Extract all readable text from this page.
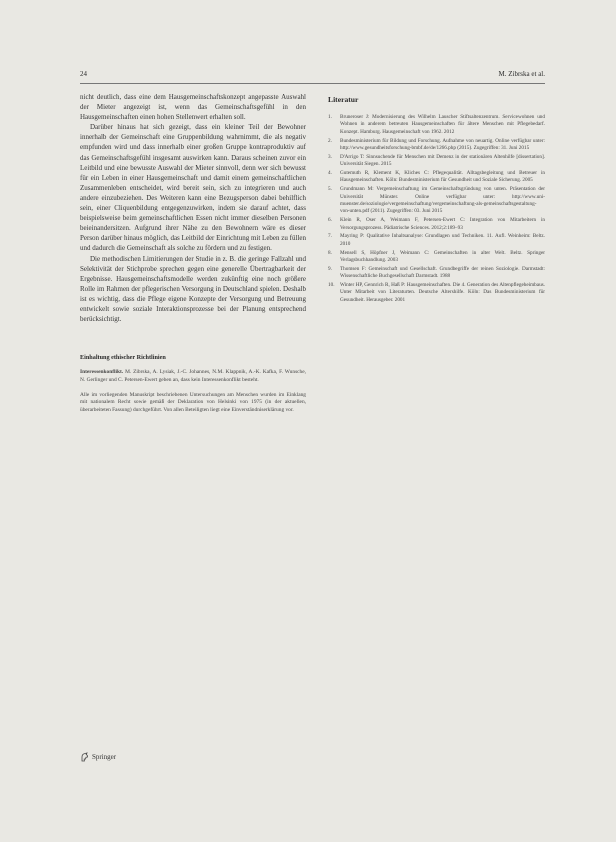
24	M. Zibrska et al.

nicht deutlich, dass eine dem Hausgemeinschaftskonzept angepasste Auswahl der Mieter angezeigt ist, wenn das Gemeinschaftsgefühl in den Hausgemeinschaften einen hohen Stellenwert erhalten soll.

Darüber hinaus hat sich gezeigt, dass ein kleiner Teil der Bewohner innerhalb der Gemeinschaft eine Gruppenbildung wahrnimmt, die als negativ empfunden wird und dass innerhalb einer großen Gruppe kontraproduktiv auf das Gemeinschaftsgefühl insgesamt auswirken kann. Daraus scheinen zuvor ein Leitbild und eine bewusste Auswahl der Mieter sinnvoll, denn wer sich bewusst für ein Leben in einer Hausgemeinschaft und damit einem gemeinschaftlichen Zusammenleben entscheidet, wird bereit sein, sich zu integrieren und auch andere einzubeziehen. Des Weiteren kann eine Bezugsperson dabei behilflich sein, einer Cliquenbildung entgegenzuwirken, indem sie darauf achtet, dass beispielsweise beim gemeinschaftlichen Essen nicht immer dieselben Personen beieinandersitzen. Aufgrund ihrer Nähe zu den Bewohnern wäre es dieser Person darüber hinaus möglich, das Leitbild der Einrichtung mit Leben zu füllen und dadurch die Gemeinschaft als solche zu fördern und zu festigen.

Die methodischen Limitierungen der Studie in z. B. die geringe Fallzahl und Selektivität der Stichprobe sprechen gegen eine generelle Übertragbarkeit der Ergebnisse. Hausgemeinschaftsmodelle werden zukünftig eine noch größere Rolle im Rahmen der pflegerischen Versorgung in Deutschland spielen. Deshalb ist es wichtig, dass die Pflege eigene Konzepte der Versorgung und Betreuung entwickelt sowie soziale Interaktionsprozesse bei der Planung entsprechend berücksichtigt.

Einhaltung ethischer Richtlinien

Interessenkonflikt. M. Zibrska, A. Lysiak, J.-C. Johannes, N.M. Klappnik, A.-K. Kafka, F. Wunsche, N. Gerlinger und C. Petersen-Ewert geben an, dass kein Interessenkonflikt besteht.

Alle im vorliegenden Manuskript beschriebenen Untersuchungen am Menschen wurden im Einklang mit nationalem Recht sowie gemäß der Deklaration von Helsinki von 1975 (in der aktuellen, überarbeiteten Fassung) durchgeführt. Von allen Beteiligten liegt eine Einverständniserklärung vor.

Literatur
1. Bruneroser J: Modernisierung des Wilhelm Lauscher Stiftsaltenzentrum. Servicewohnen und Wohnen in anderem betreuten Hausgemeinschaften für ältere Menschen mit Pflegebedarf. Konzept. Hamburg. Hausgemeinschaft von 1962. 2012
2. Bundesministerium für Bildung und Forschung. Aufnahme von neuartig. Online verfügbar unter: http://www.gesundheitsforschung-bmbf.de/de/1266.php (2015). Zugegriffen: 31. Juni 2015
3. D'Arrigo T: Sinnsuchende für Menschen mit Demenz in der stationären Altenhilfe [dissertation]. Universität Siegen. 2015
4. Gutemuth R, Klement K, Kliches C: Pflegequalität. Alltagsbegleitung und Betreuer in Hausgemeinschaften. Köln: Bundesministerium für Gesundheit und Soziale Sicherung. 2005
5. Grundmann M: Vergemeinschaftung im Gemeinschaftsgründung von unten. Präsentation der Universität Münster. Online verfügbar unter: http://www.uni-muenster.de/soziologie/vergemeinschaftung/vergemeinschaftung-als-gemeinschaftsgestaltung-von-unten.pdf (2011). Zugegriffen: 03. Juni 2015
6. Klein R, Oser A, Weimann F, Petersen-Ewert C: Integration von Mitarbeitern in Versorgungsprozess. Pädiatrische Sciences. 2012;2:189–93
7. Mayring P: Qualitative Inhaltsanalyse: Grundlagen und Techniken. 11. Aufl. Weinheim: Beltz. 2010
8. Mensell S, Höpfner J, Weimann C: Gemeinschaften in alter Welt. Beltz. Springer Verlagsbuchhandlung. 2003
9. Thomsen F: Gemeinschaft und Gesellschaft. Grundbegriffe der reinen Soziologie. Darmstadt: Wissenschaftliche Buchgesellschaft Darmstadt. 1988
10. Winter HP, Gennrich R, Haß P: Hausgemeinschaften. Die 4. Generation des Altenpflegeheimbaus. Unter Mitarbeit von Literaturten. Deutsche Altershilfe. Köln: Das Bundesministerium für Gesundheit. Herausgeber. 2001
Springer
